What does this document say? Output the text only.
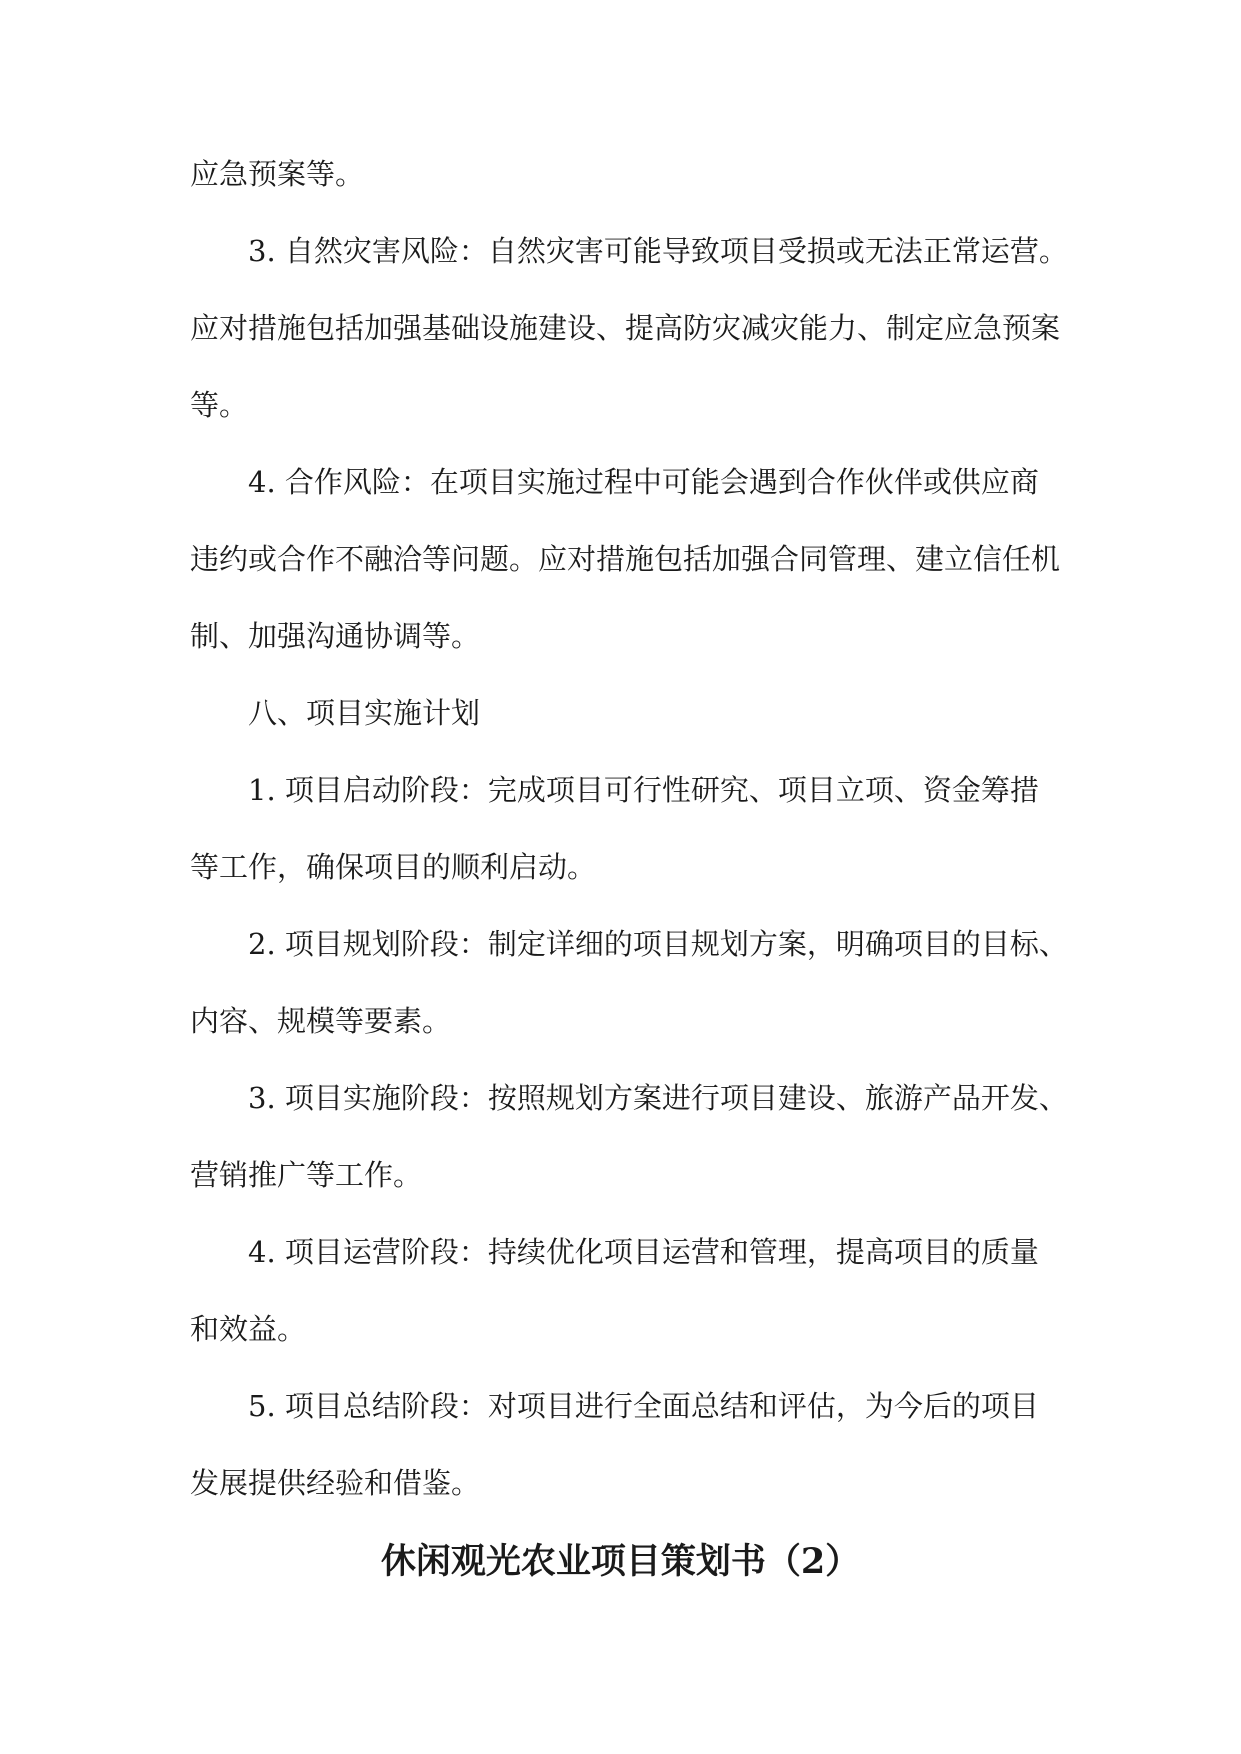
应急预案等。

3. 自然灾害风险：自然灾害可能导致项目受损或无法正常运营。

应对措施包括加强基础设施建设、提高防灾减灾能力、制定应急预案

等。

4. 合作风险：在项目实施过程中可能会遇到合作伙伴或供应商

违约或合作不融洽等问题。应对措施包括加强合同管理、建立信任机

制、加强沟通协调等。

八、项目实施计划

1. 项目启动阶段：完成项目可行性研究、项目立项、资金筹措

等工作，确保项目的顺利启动。

2. 项目规划阶段：制定详细的项目规划方案，明确项目的目标、

内容、规模等要素。

3. 项目实施阶段：按照规划方案进行项目建设、旅游产品开发、

营销推广等工作。

4. 项目运营阶段：持续优化项目运营和管理，提高项目的质量

和效益。

5. 项目总结阶段：对项目进行全面总结和评估，为今后的项目

发展提供经验和借鉴。

休闲观光农业项目策划书（2）
